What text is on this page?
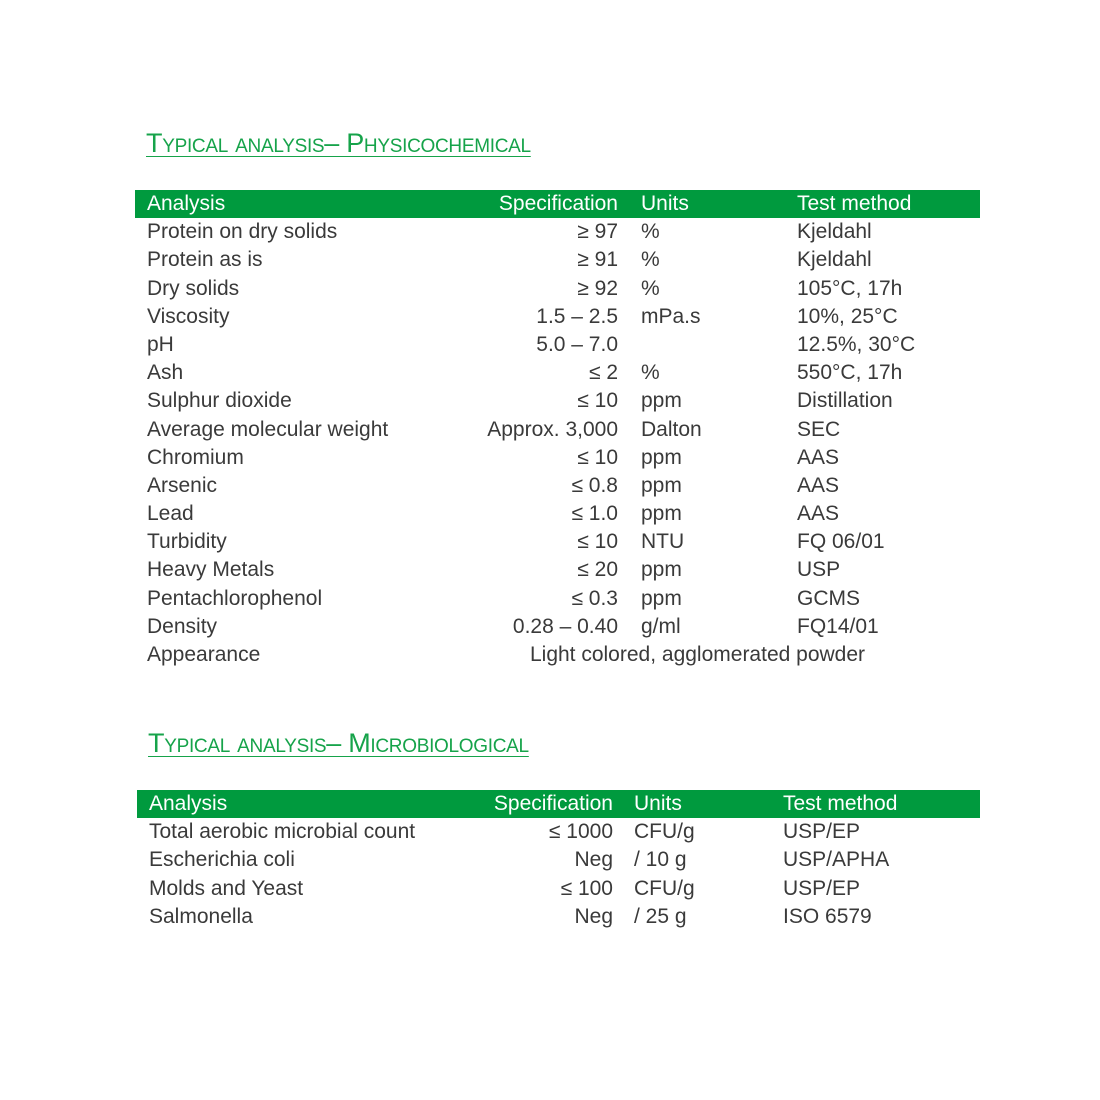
Typical analysis– Physicochemical
Analysis	Specification Units	Test method
Protein on dry solids	≥ 97 %	Kjeldahl
Protein as is	≥ 91 %	Kjeldahl
Dry solids	≥ 92 %	105°C, 17h
Viscosity	1.5 – 2.5 mPa.s	10%, 25°C
pH	5.0 – 7.0	12.5%, 30°C
Ash	≤ 2 %	550°C, 17h
Sulphur dioxide	≤ 10 ppm	Distillation
Average molecular weight	Approx. 3,000 Dalton	SEC
Chromium	≤ 10 ppm	AAS
Arsenic	≤ 0.8 ppm	AAS
Lead	≤ 1.0 ppm	AAS
Turbidity	≤ 10 NTU	FQ 06/01
Heavy Metals	≤ 20 ppm	USP
Pentachlorophenol	≤ 0.3 ppm	GCMS
Density	0.28 – 0.40 g/ml	FQ14/01
Appearance	Light colored, agglomerated powder
Typical analysis– Microbiological
Analysis	Specification Units	Test method
Total aerobic microbial count	≤ 1000 CFU/g	USP/EP
Escherichia coli	Neg / 10 g	USP/APHA
Molds and Yeast	≤ 100 CFU/g	USP/EP
Salmonella	Neg / 25 g	ISO 6579
